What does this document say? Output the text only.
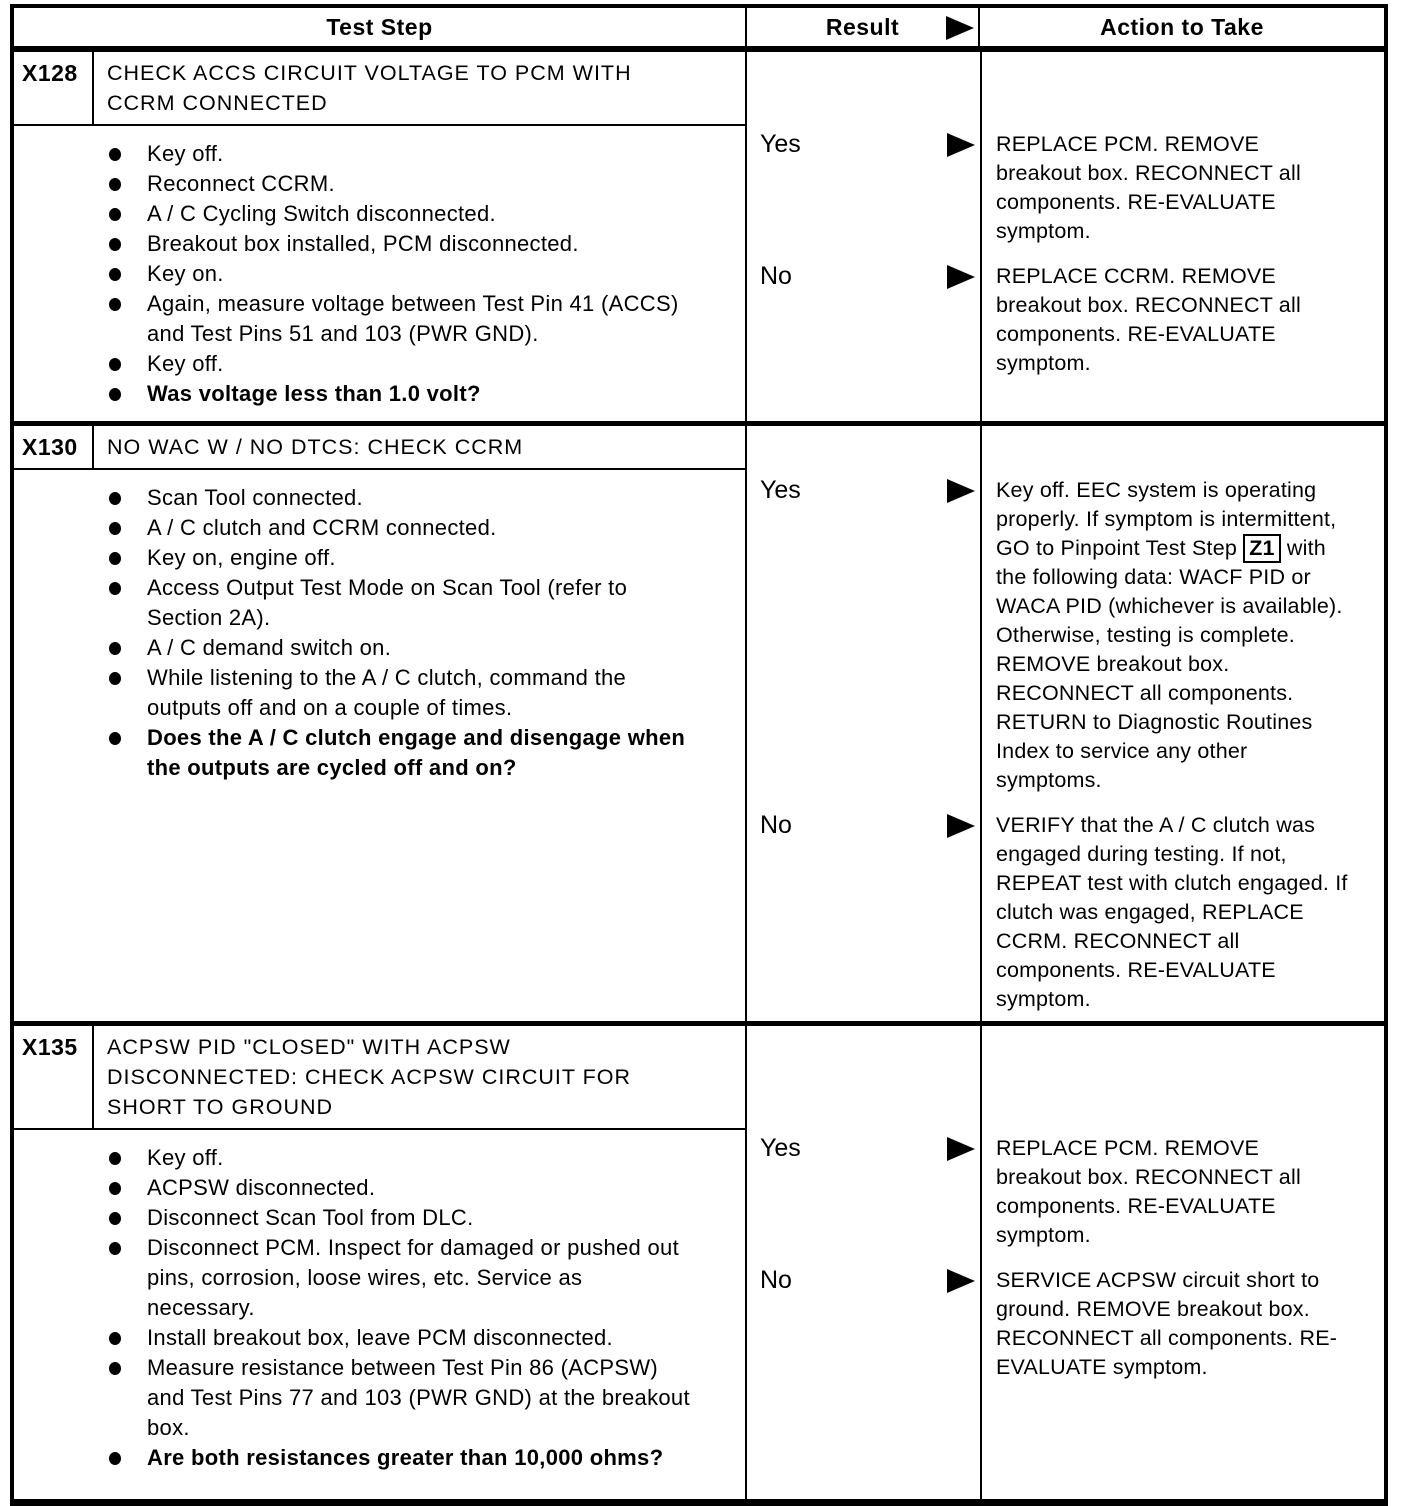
Test Step	Result	Action to Take
X128	CHECK ACCS CIRCUIT VOLTAGE TO PCM WITH CCRM CONNECTED
Key off.
Reconnect CCRM.
A / C Cycling Switch disconnected.
Breakout box installed, PCM disconnected.
Key on.
Again, measure voltage between Test Pin 41 (ACCS) and Test Pins 51 and 103 (PWR GND).
Key off.
Was voltage less than 1.0 volt?
Yes	REPLACE PCM. REMOVE breakout box. RECONNECT all components. RE-EVALUATE symptom.
No	REPLACE CCRM. REMOVE breakout box. RECONNECT all components. RE-EVALUATE symptom.
X130	NO WAC W / NO DTCS: CHECK CCRM
Scan Tool connected.
A / C clutch and CCRM connected.
Key on, engine off.
Access Output Test Mode on Scan Tool (refer to Section 2A).
A / C demand switch on.
While listening to the A / C clutch, command the outputs off and on a couple of times.
Does the A / C clutch engage and disengage when the outputs are cycled off and on?
Yes	Key off. EEC system is operating properly. If symptom is intermittent, GO to Pinpoint Test Step Z1 with the following data: WACF PID or WACA PID (whichever is available). Otherwise, testing is complete. REMOVE breakout box. RECONNECT all components. RETURN to Diagnostic Routines Index to service any other symptoms.
No	VERIFY that the A / C clutch was engaged during testing. If not, REPEAT test with clutch engaged. If clutch was engaged, REPLACE CCRM. RECONNECT all components. RE-EVALUATE symptom.
X135	ACPSW PID "CLOSED" WITH ACPSW DISCONNECTED: CHECK ACPSW CIRCUIT FOR SHORT TO GROUND
Key off.
ACPSW disconnected.
Disconnect Scan Tool from DLC.
Disconnect PCM. Inspect for damaged or pushed out pins, corrosion, loose wires, etc. Service as necessary.
Install breakout box, leave PCM disconnected.
Measure resistance between Test Pin 86 (ACPSW) and Test Pins 77 and 103 (PWR GND) at the breakout box.
Are both resistances greater than 10,000 ohms?
Yes	REPLACE PCM. REMOVE breakout box. RECONNECT all components. RE-EVALUATE symptom.
No	SERVICE ACPSW circuit short to ground. REMOVE breakout box. RECONNECT all components. RE-EVALUATE symptom.
